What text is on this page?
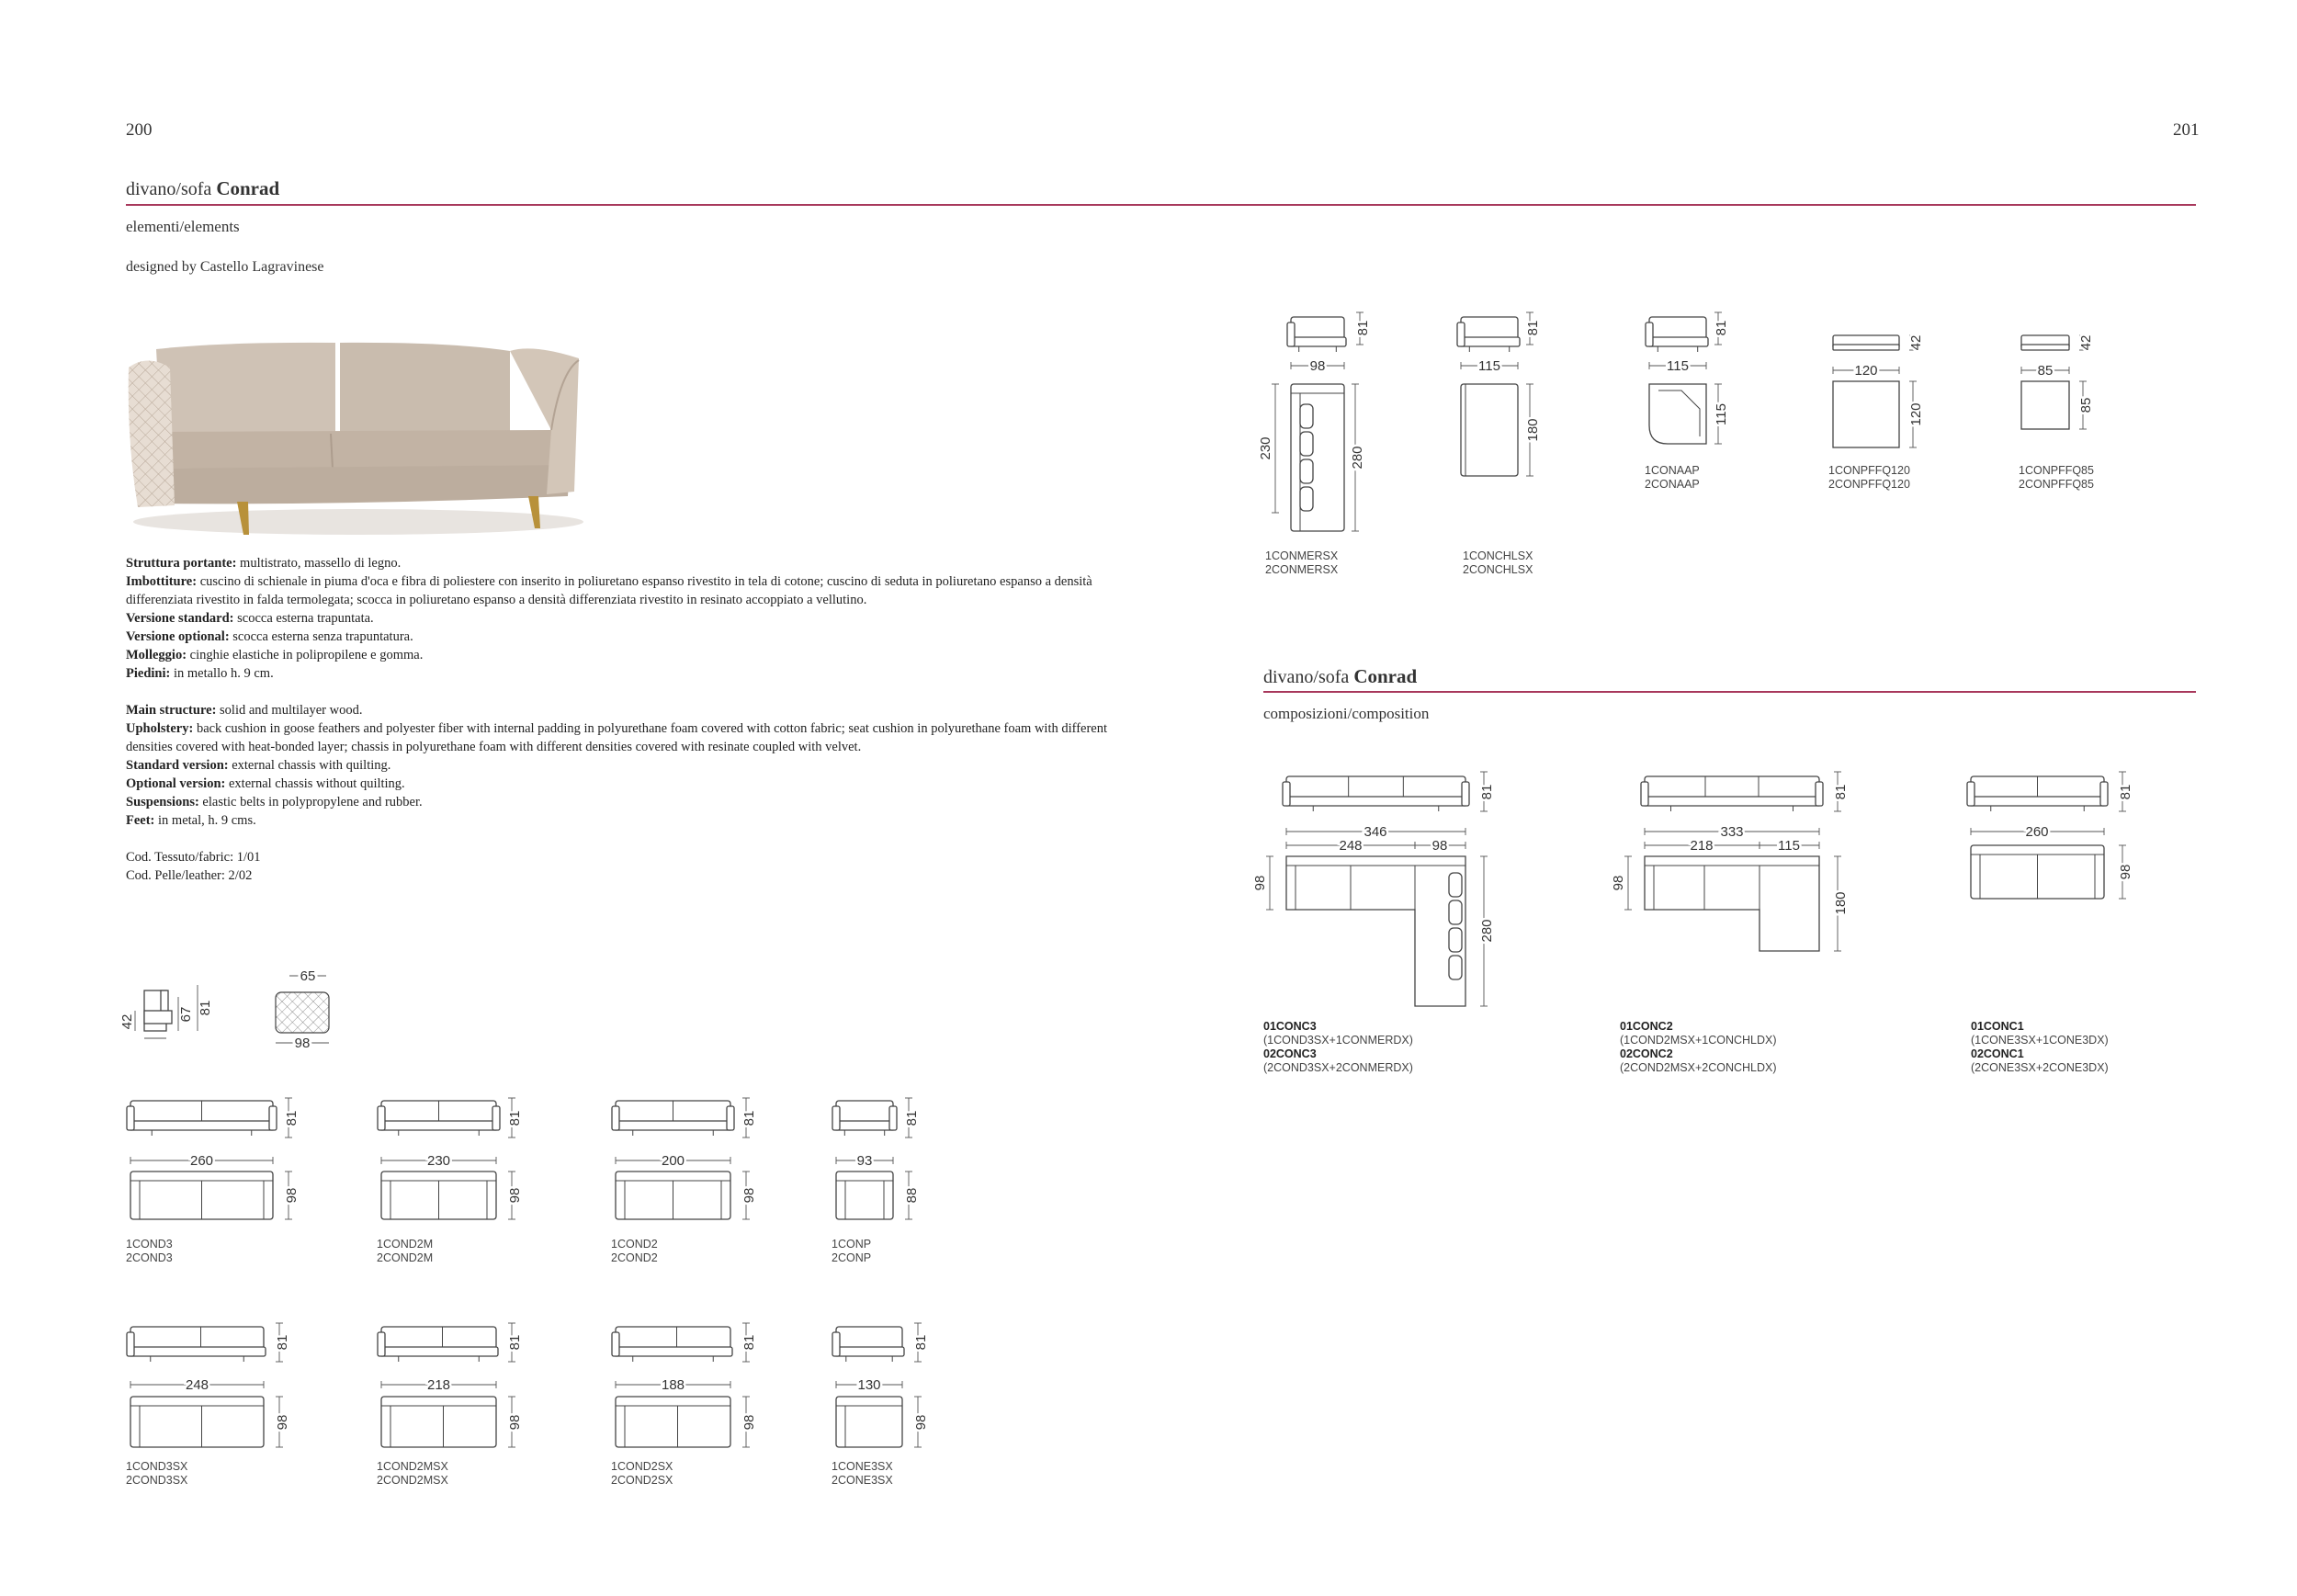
200	201
divano/sofa Conrad
elementi/elements
designed by Castello Lagravinese

Struttura portante: multistrato, massello di legno.

Imbottiture: cuscino di schienale in piuma d'oca e fibra di poliestere con inserito in poliuretano espanso rivestito in tela di cotone; cuscino di seduta in poliuretano espanso a densità differenziata rivestito in falda termolegata; scocca in poliuretano espanso a densità differenziata rivestito in resinato accoppiato a vellutino.

Versione standard: scocca esterna trapuntata.

Versione optional: scocca esterna senza trapuntatura.

Molleggio: cinghie elastiche in polipropilene e gomma.

Piedini: in metallo h. 9 cm.

Main structure: solid and multilayer wood.

Upholstery: back cushion in goose feathers and polyester fiber with internal padding in polyurethane foam covered with cotton fabric; seat cushion in polyurethane foam with different densities covered with heat-bonded layer; chassis in polyurethane foam with different densities covered with resinate coupled with velvet.

Standard version: external chassis with quilting.

Optional version: external chassis without quilting.

Suspensions: elastic belts in polypropylene and rubber.

Feet: in metal, h. 9 cms.

Cod. Tessuto/fabric: 1/01

Cod. Pelle/leather: 2/02

42	67 81
65
98
divano/sofa Conrad
composizioni/composition
81
260
98
1COND3
2COND3
81
230
98
1COND2M
2COND2M
81
200
98
1COND2
2COND2
81
93
88
1CONP
2CONP
81
248
98
1COND3SX
2COND3SX
81
218
98
1COND2MSX
2COND2MSX
81
188
98
1COND2SX
2COND2SX
81
130
98
1CONE3SX
2CONE3SX
81
98
230	280
1CONMERSX
2CONMERSX
81
115
180
1CONCHLSX
2CONCHLSX
81
115
115
1CONAAP
2CONAAP
42
120
120
1CONPFFQ120
2CONPFFQ120
42
85
85
1CONPFFQ85
2CONPFFQ85
81
346
248	98
98
280
01CONC3
(1COND3SX+1CONMERDX)
02CONC3
(2COND3SX+2CONMERDX)
81
333
218	115
98
180
01CONC2
(1COND2MSX+1CONCHLDX)
02CONC2
(2COND2MSX+2CONCHLDX)
81
260
98
01CONC1
(1CONE3SX+1CONE3DX)
02CONC1
(2CONE3SX+2CONE3DX)
